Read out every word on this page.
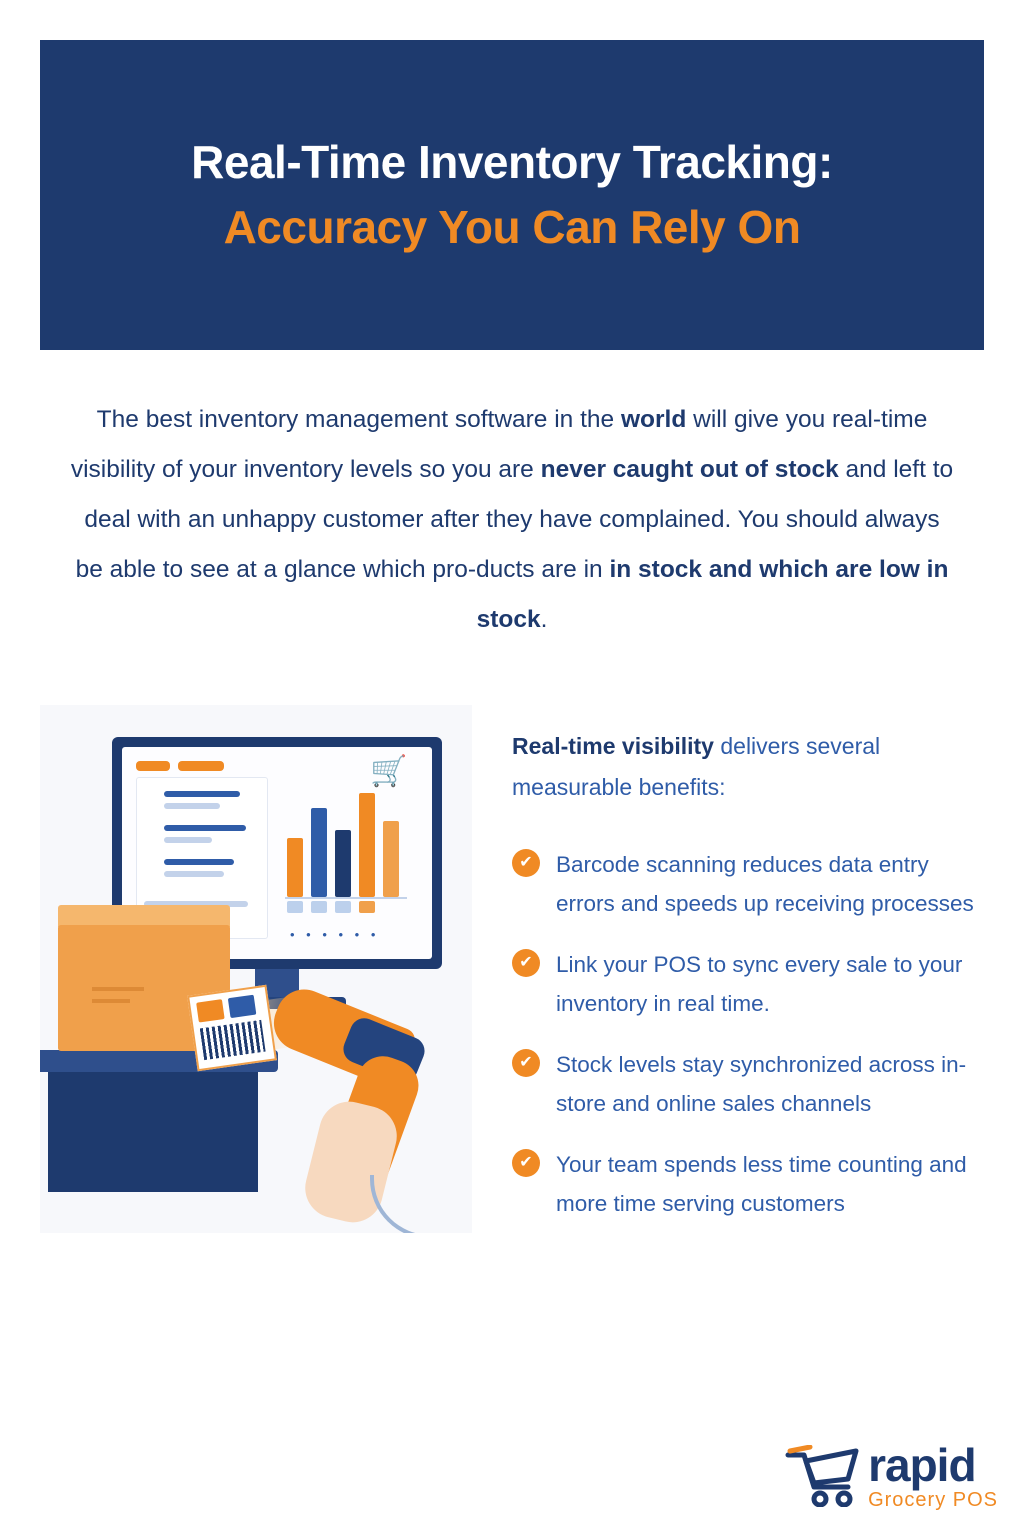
Real-Time Inventory Tracking:
Accuracy You Can Rely On
The best inventory management software in the world will give you real-time visibility of your inventory levels so you are never caught out of stock and left to deal with an unhappy customer after they have complained. You should always be able to see at a glance which pro-ducts are in in stock and which are low in stock.
• • • • • •
🛒
Real-time visibility delivers several measurable benefits:
✔	Barcode scanning reduces data entry errors and speeds up receiving processes
✔	Link your POS to sync every sale to your inventory in real time.
✔	Stock levels stay synchronized across in-store and online sales channels
✔	Your team spends less time counting and more time serving customers
rapid
Grocery POS
